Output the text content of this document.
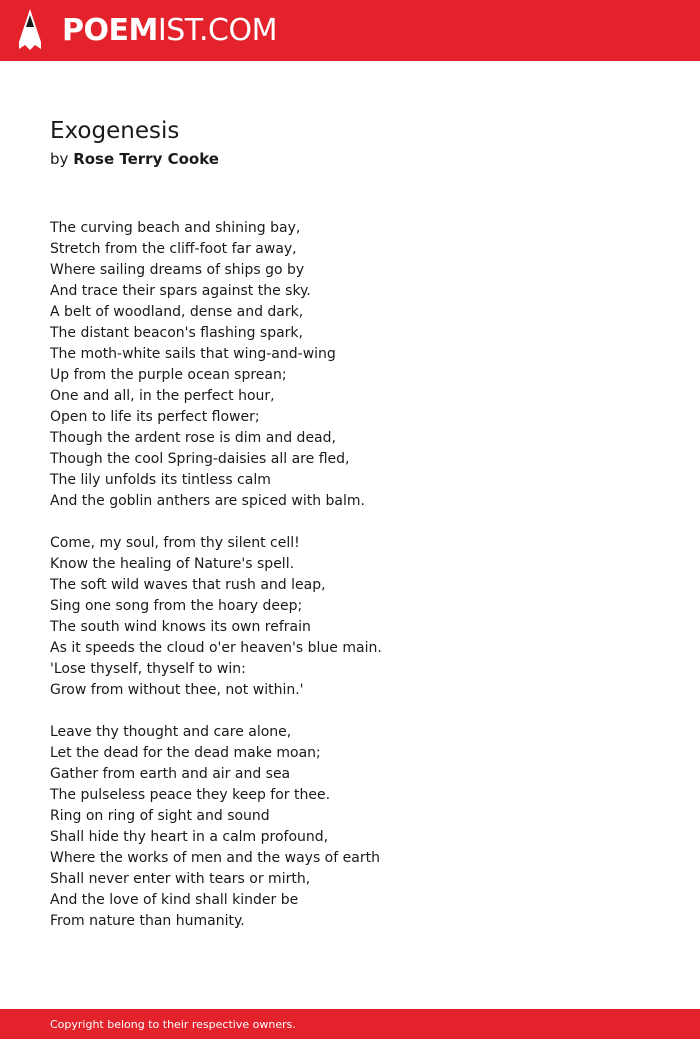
POEMIST.COM
Exogenesis
by Rose Terry Cooke
The curving beach and shining bay,
Stretch from the cliff-foot far away,
Where sailing dreams of ships go by
And trace their spars against the sky.
A belt of woodland, dense and dark,
The distant beacon's flashing spark,
The moth-white sails that wing-and-wing
Up from the purple ocean sprean;
One and all, in the perfect hour,
Open to life its perfect flower;
Though the ardent rose is dim and dead,
Though the cool Spring-daisies all are fled,
The lily unfolds its tintless calm
And the goblin anthers are spiced with balm.
Come, my soul, from thy silent cell!
Know the healing of Nature's spell.
The soft wild waves that rush and leap,
Sing one song from the hoary deep;
The south wind knows its own refrain
As it speeds the cloud o'er heaven's blue main.
'Lose thyself, thyself to win:
Grow from without thee, not within.'
Leave thy thought and care alone,
Let the dead for the dead make moan;
Gather from earth and air and sea
The pulseless peace they keep for thee.
Ring on ring of sight and sound
Shall hide thy heart in a calm profound,
Where the works of men and the ways of earth
Shall never enter with tears or mirth,
And the love of kind shall kinder be
From nature than humanity.
Copyright belong to their respective owners.
